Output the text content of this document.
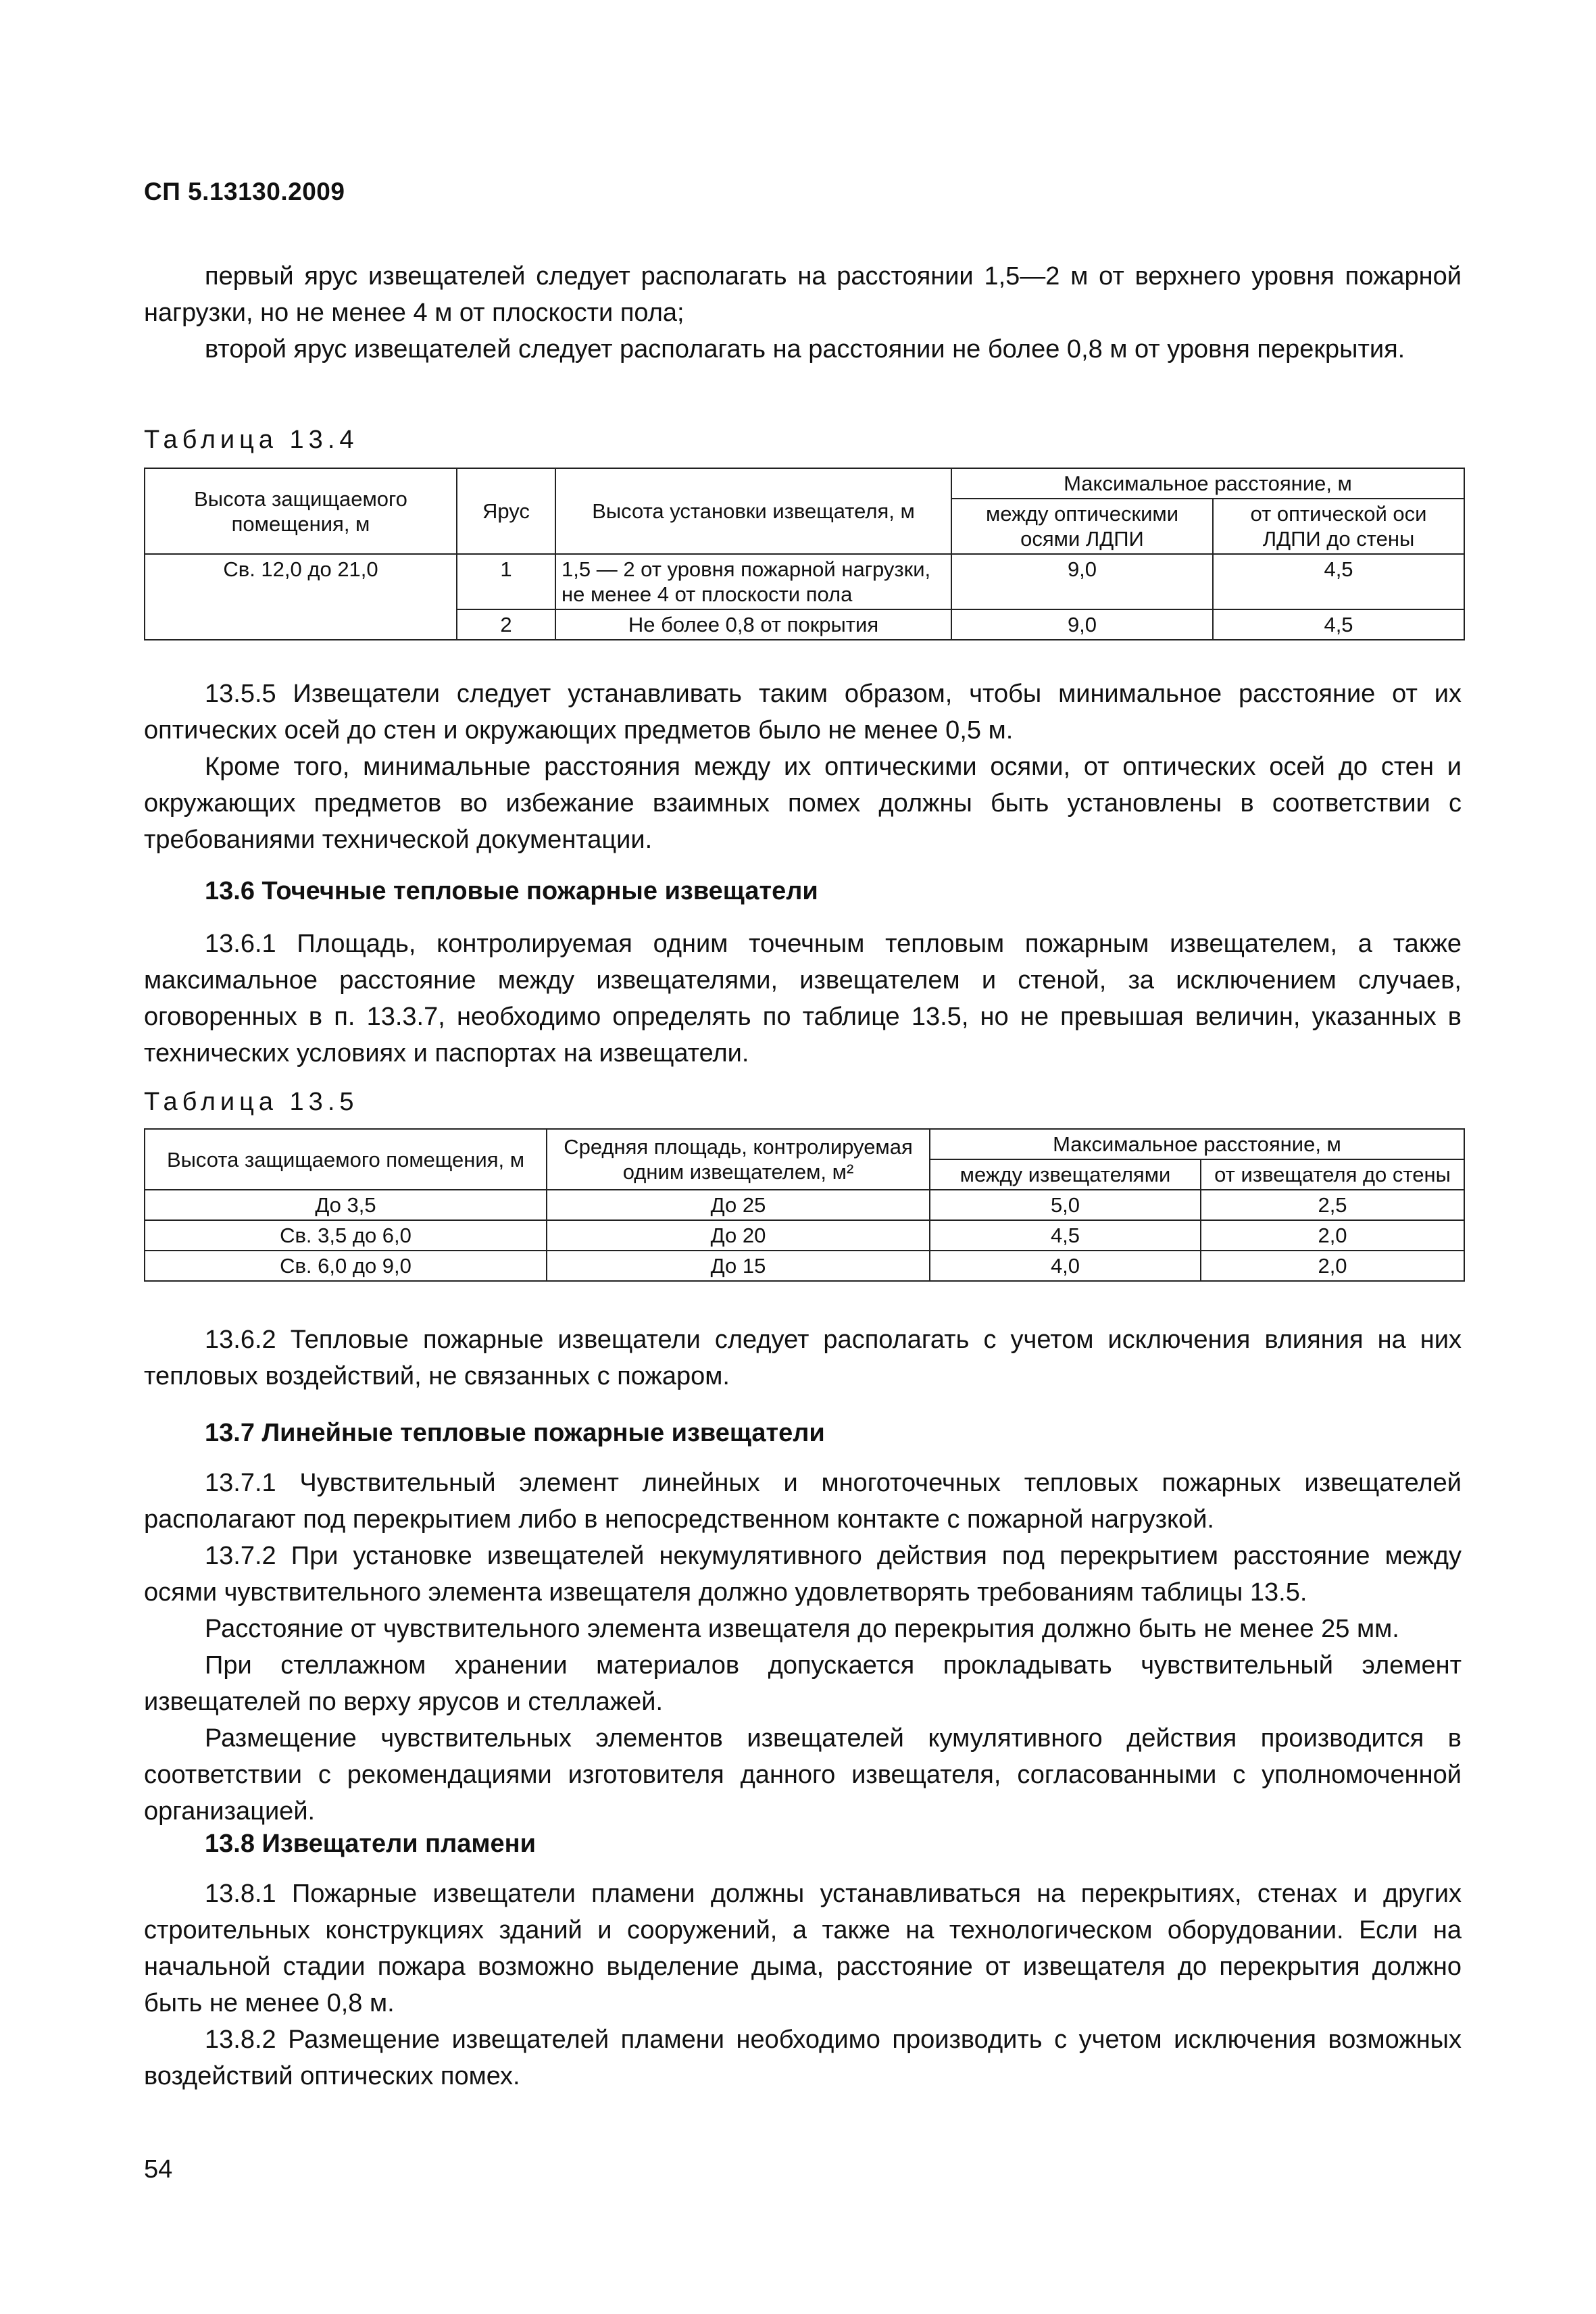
СП 5.13130.2009

первый ярус извещателей следует располагать на расстоянии 1,5—2 м от верхнего уровня пожарной нагрузки, но не менее 4 м от плоскости пола;

второй ярус извещателей следует располагать на расстоянии не более 0,8 м от уровня перекрытия.

Таблица 13.4
Высота защищаемого помещения, м	Ярус	Высота установки извещателя, м	Максимальное расстояние, м	
			между оптическими осями ЛДПИ	от оптической оси ЛДПИ до стены
Св. 12,0 до 21,0	1	1,5 — 2 от уровня пожарной нагрузки, не менее 4 от плоскости пола	9,0	4,5
	2	Не более 0,8 от покрытия	9,0	4,5

13.5.5 Извещатели следует устанавливать таким образом, чтобы минимальное расстояние от их оптических осей до стен и окружающих предметов было не менее 0,5 м.

Кроме того, минимальные расстояния между их оптическими осями, от оптических осей до стен и окружающих предметов во избежание взаимных помех должны быть установлены в соответствии с требованиями технической документации.

13.6 Точечные тепловые пожарные извещатели

13.6.1 Площадь, контролируемая одним точечным тепловым пожарным извещателем, а также максимальное расстояние между извещателями, извещателем и стеной, за исключением случаев, оговоренных в п. 13.3.7, необходимо определять по таблице 13.5, но не превышая величин, указанных в технических условиях и паспортах на извещатели.

Таблица 13.5
Высота защищаемого помещения, м	Средняя площадь, контролируемая одним извещателем, м²	Максимальное расстояние, м	
		между извещателями	от извещателя до стены
До 3,5	До 25	5,0	2,5
Св. 3,5 до 6,0	До 20	4,5	2,0
Св. 6,0 до 9,0	До 15	4,0	2,0

13.6.2 Тепловые пожарные извещатели следует располагать с учетом исключения влияния на них тепловых воздействий, не связанных с пожаром.

13.7 Линейные тепловые пожарные извещатели

13.7.1 Чувствительный элемент линейных и многоточечных тепловых пожарных извещателей располагают под перекрытием либо в непосредственном контакте с пожарной нагрузкой.

13.7.2 При установке извещателей некумулятивного действия под перекрытием расстояние между осями чувствительного элемента извещателя должно удовлетворять требованиям таблицы 13.5.

Расстояние от чувствительного элемента извещателя до перекрытия должно быть не менее 25 мм.

При стеллажном хранении материалов допускается прокладывать чувствительный элемент извещателей по верху ярусов и стеллажей.

Размещение чувствительных элементов извещателей кумулятивного действия производится в соответствии с рекомендациями изготовителя данного извещателя, согласованными с уполномоченной организацией.

13.8 Извещатели пламени

13.8.1 Пожарные извещатели пламени должны устанавливаться на перекрытиях, стенах и других строительных конструкциях зданий и сооружений, а также на технологическом оборудовании. Если на начальной стадии пожара возможно выделение дыма, расстояние от извещателя до перекрытия должно быть не менее 0,8 м.

13.8.2 Размещение извещателей пламени необходимо производить с учетом исключения возможных воздействий оптических помех.

54
